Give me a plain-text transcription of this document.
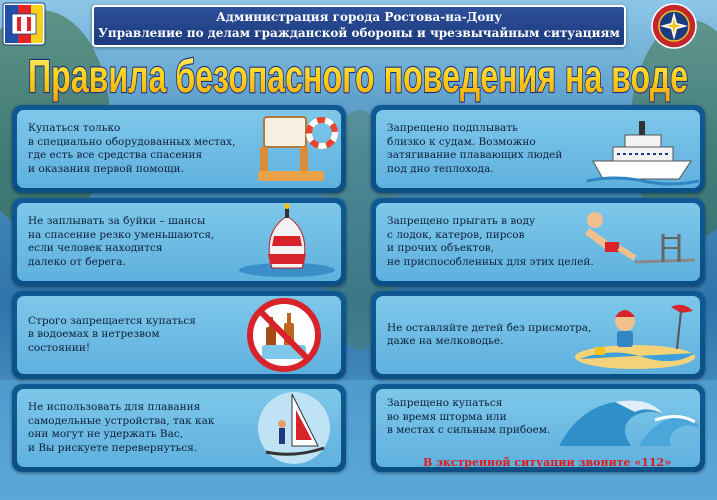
Администрация города Ростова-на-Дону
Управление по делам гражданской обороны и чрезвычайным ситуациям
Правила безопасного поведения на воде
Купаться только
в специально оборудованных местах,
где есть все средства спасения
и оказания первой помощи.
Не заплывать за буйки – шансы
на спасение резко уменьшаются,
если человек находится
далеко от берега.
Строго запрещается купаться
в водоемах в нетрезвом
состоянии!
Не использовать для плавания
самодельные устройства, так как
они могут не удержать Вас,
и Вы рискуете перевернуться.
Запрещено подплывать
близко к судам. Возможно
затягивание плавающих людей
под дно теплохода.
Запрещено прыгать в воду
с лодок, катеров, пирсов
и прочих объектов,
не приспособленных для этих целей.
Не оставляйте детей без присмотра,
даже на мелководье.
Запрещено купаться
во время шторма или
в местах с сильным прибоем.
В экстренной ситуации звоните «112»
